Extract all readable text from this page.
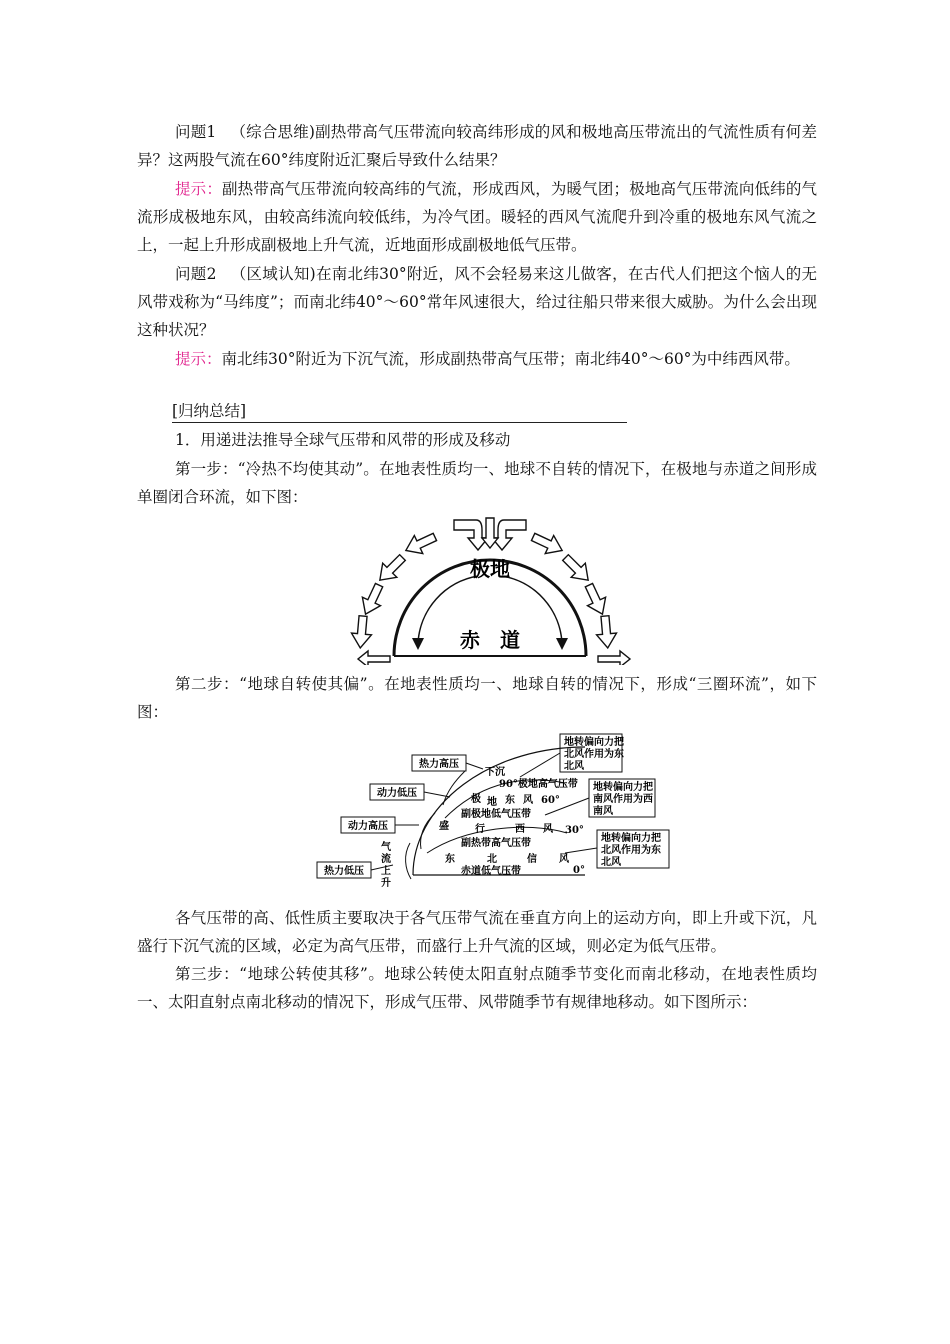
问题1 （综合思维)副热带高气压带流向较高纬形成的风和极地高压带流出的气流性质有何差异？这两股气流在60°纬度附近汇聚后导致什么结果？

提示：副热带高气压带流向较高纬的气流，形成西风，为暖气团；极地高气压带流向低纬的气流形成极地东风，由较高纬流向较低纬，为冷气团。暖轻的西风气流爬升到冷重的极地东风气流之上，一起上升形成副极地上升气流，近地面形成副极地低气压带。

问题2 （区域认知)在南北纬30°附近，风不会轻易来这儿做客，在古代人们把这个恼人的无风带戏称为“马纬度”；而南北纬40°～60°常年风速很大，给过往船只带来很大威胁。为什么会出现这种状况？

提示：南北纬30°附近为下沉气流，形成副热带高气压带；南北纬40°～60°为中纬西风带。

[归纳总结]

1．用递进法推导全球气压带和风带的形成及移动

第一步：“冷热不均使其动”。在地表性质均一、地球不自转的情况下，在极地与赤道之间形成单圈闭合环流，如下图：

极地
赤　道

第二步：“地球自转使其偏”。在地表性质均一、地球自转的情况下，形成“三圈环流”，如下图：

热力高压
动力低压
动力高压
热力低压
地转偏向力把
北风作用为东
北风
地转偏向力把
南风作用为西
南风
地转偏向力把
北风作用为东
北风
下沉
90°极地高气压带
60°
30°
0°
极 地 东 风
副极地低气压带
盛	行	西 风
副热带高气压带
东	北	信 风
赤道低气压带
气
流
上
升

各气压带的高、低性质主要取决于各气压带气流在垂直方向上的运动方向，即上升或下沉，凡盛行下沉气流的区域，必定为高气压带，而盛行上升气流的区域，则必定为低气压带。

第三步：“地球公转使其移”。地球公转使太阳直射点随季节变化而南北移动，在地表性质均一、太阳直射点南北移动的情况下，形成气压带、风带随季节有规律地移动。如下图所示：
